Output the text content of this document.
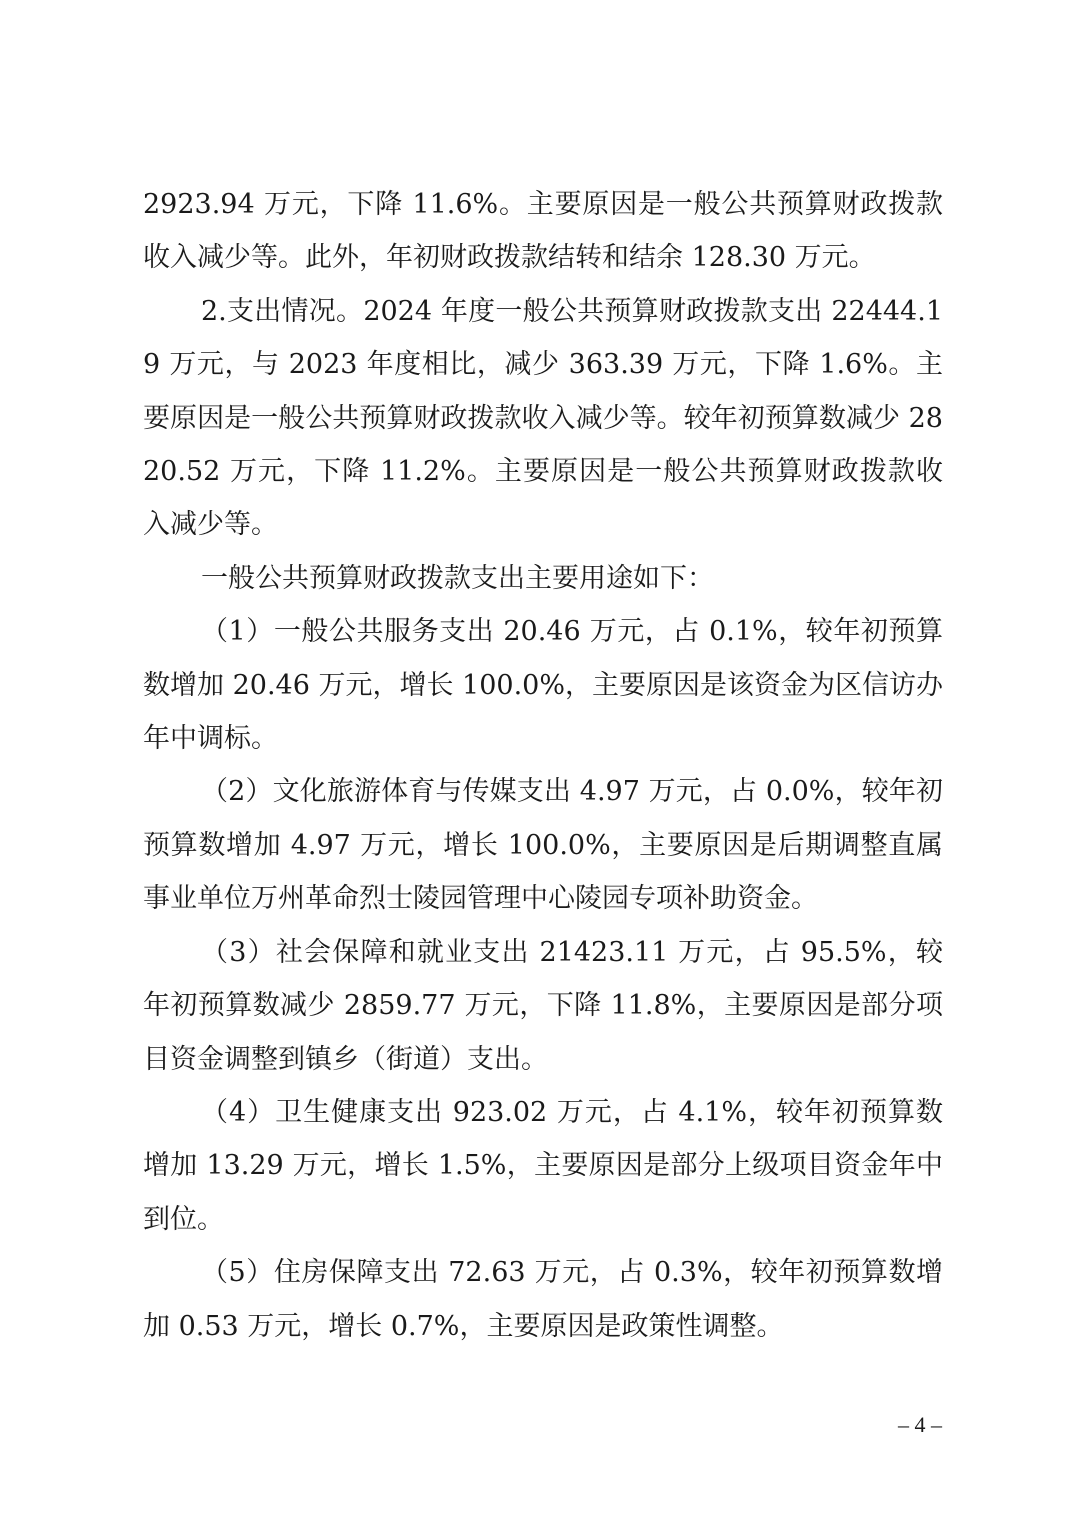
2923.94 万元，下降 11.6%。主要原因是一般公共预算财政拨款收入减少等。此外，年初财政拨款结转和结余 128.30 万元。

2.支出情况。2024 年度一般公共预算财政拨款支出 22444.19 万元，与 2023 年度相比，减少 363.39 万元，下降 1.6%。主要原因是一般公共预算财政拨款收入减少等。较年初预算数减少 2820.52 万元，下降 11.2%。主要原因是一般公共预算财政拨款收入减少等。

一般公共预算财政拨款支出主要用途如下：

（1）一般公共服务支出 20.46 万元，占 0.1%，较年初预算数增加 20.46 万元，增长 100.0%，主要原因是该资金为区信访办年中调标。

（2）文化旅游体育与传媒支出 4.97 万元，占 0.0%，较年初预算数增加 4.97 万元，增长 100.0%，主要原因是后期调整直属事业单位万州革命烈士陵园管理中心陵园专项补助资金。

（3）社会保障和就业支出 21423.11 万元，占 95.5%，较年初预算数减少 2859.77 万元，下降 11.8%，主要原因是部分项目资金调整到镇乡（街道）支出。

（4）卫生健康支出 923.02 万元，占 4.1%，较年初预算数增加 13.29 万元，增长 1.5%，主要原因是部分上级项目资金年中到位。

（5）住房保障支出 72.63 万元，占 0.3%，较年初预算数增加 0.53 万元，增长 0.7%，主要原因是政策性调整。

– 4 –
